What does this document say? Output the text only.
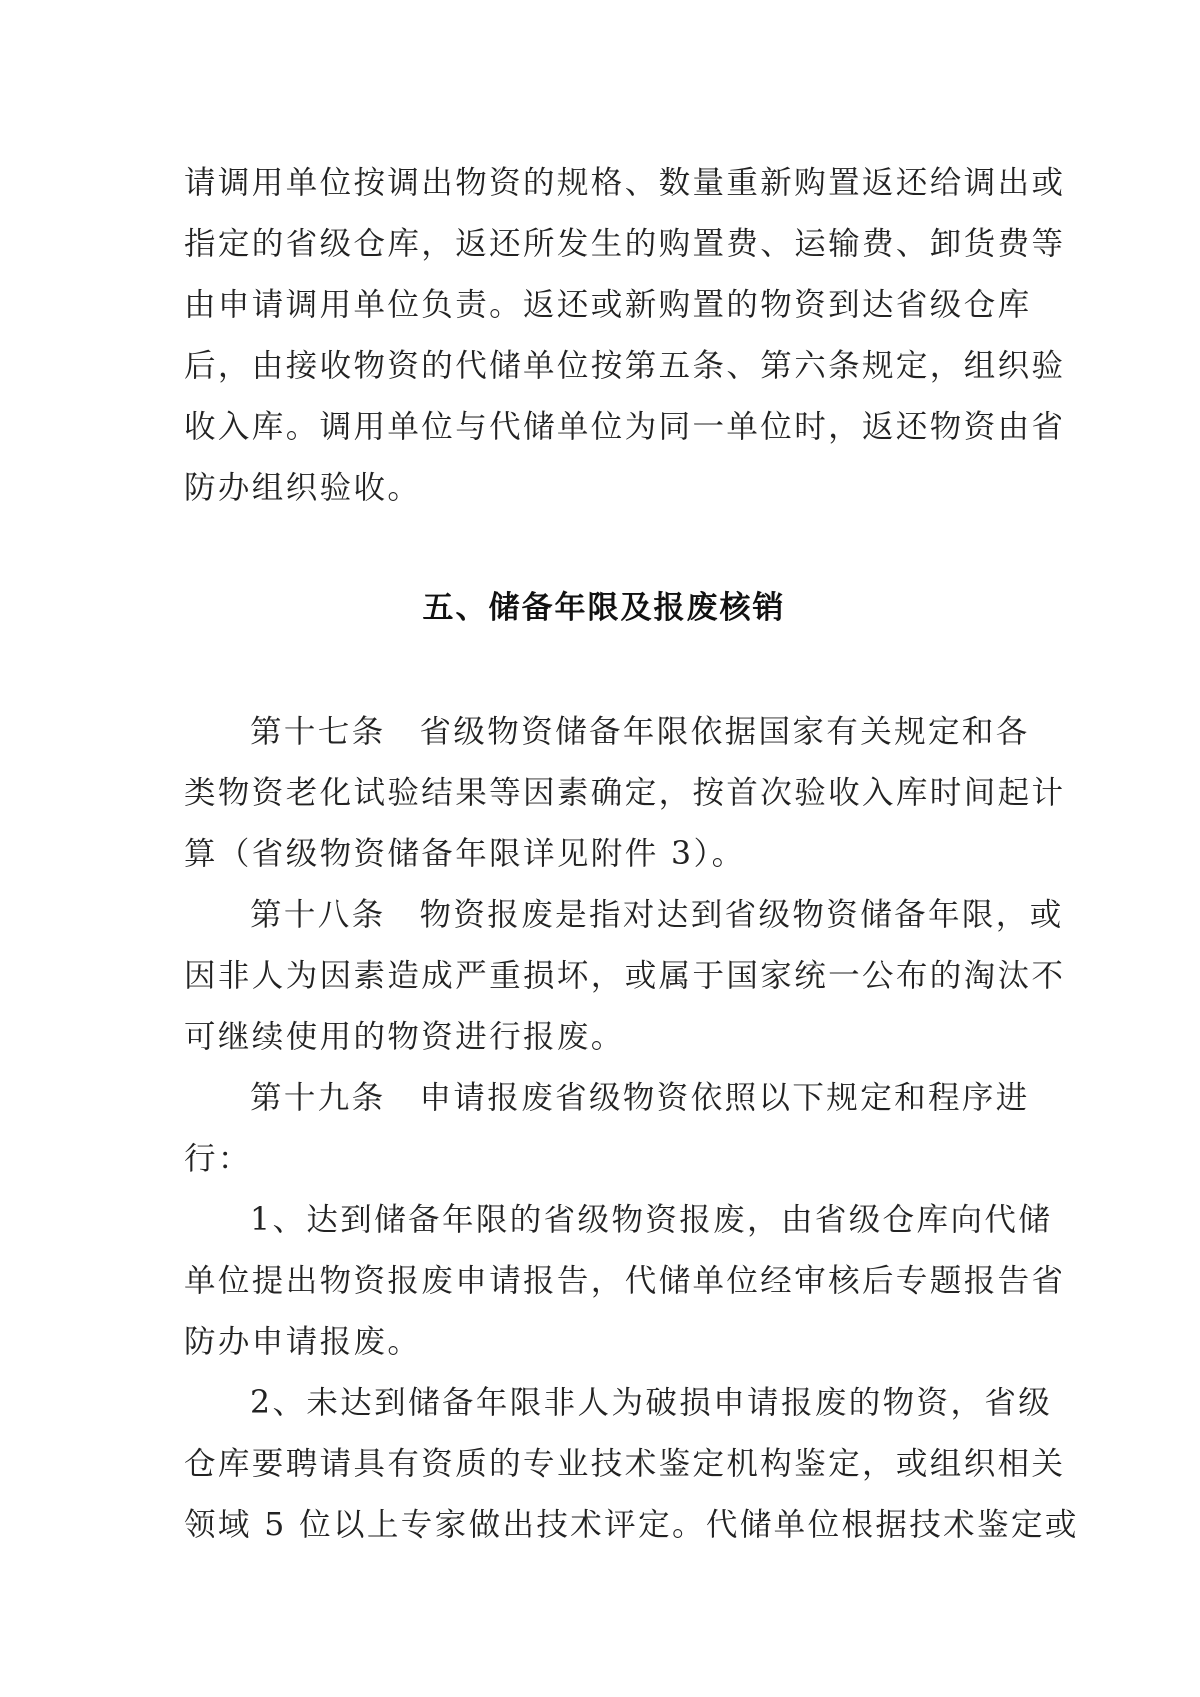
请调用单位按调出物资的规格、数量重新购置返还给调出或
指定的省级仓库，返还所发生的购置费、运输费、卸货费等
由申请调用单位负责。返还或新购置的物资到达省级仓库
后，由接收物资的代储单位按第五条、第六条规定，组织验
收入库。调用单位与代储单位为同一单位时，返还物资由省
防办组织验收。
五、储备年限及报废核销
第十七条　省级物资储备年限依据国家有关规定和各
类物资老化试验结果等因素确定，按首次验收入库时间起计
算（省级物资储备年限详见附件 3）。
第十八条　物资报废是指对达到省级物资储备年限，或
因非人为因素造成严重损坏，或属于国家统一公布的淘汰不
可继续使用的物资进行报废。
第十九条　申请报废省级物资依照以下规定和程序进
行：
1、达到储备年限的省级物资报废，由省级仓库向代储
单位提出物资报废申请报告，代储单位经审核后专题报告省
防办申请报废。
2、未达到储备年限非人为破损申请报废的物资，省级
仓库要聘请具有资质的专业技术鉴定机构鉴定，或组织相关
领域 5 位以上专家做出技术评定。代储单位根据技术鉴定或
